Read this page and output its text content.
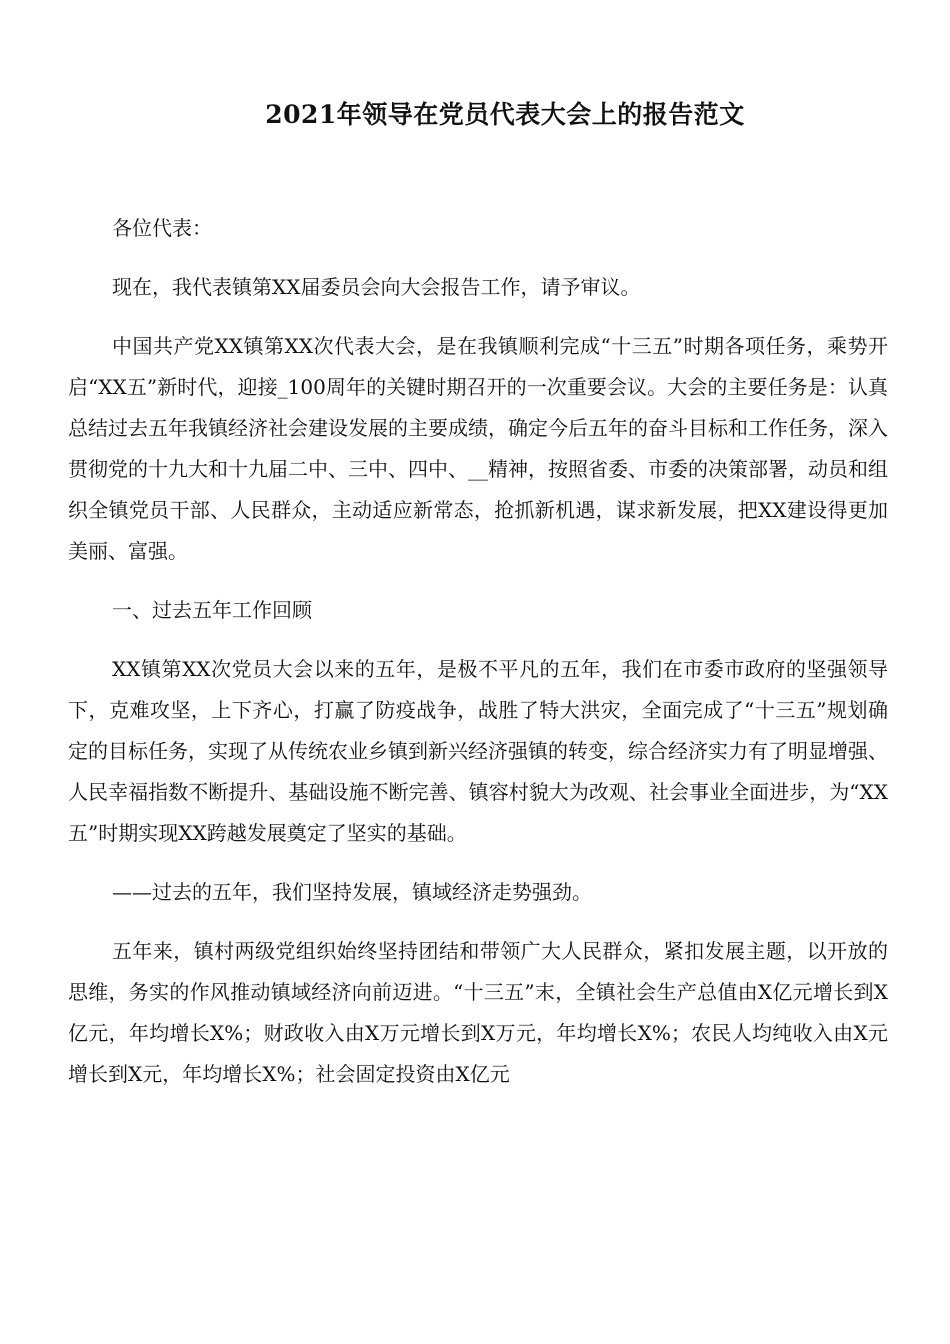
2021年领导在党员代表大会上的报告范文

各位代表：

现在，我代表镇第XX届委员会向大会报告工作，请予审议。

中国共产党XX镇第XX次代表大会，是在我镇顺利完成“十三五”时期各项任务，乘势开启“XX五”新时代，迎接_100周年的关键时期召开的一次重要会议。大会的主要任务是：认真总结过去五年我镇经济社会建设发展的主要成绩，确定今后五年的奋斗目标和工作任务，深入贯彻党的十九大和十九届二中、三中、四中、__精神，按照省委、市委的决策部署，动员和组织全镇党员干部、人民群众，主动适应新常态，抢抓新机遇，谋求新发展，把XX建设得更加美丽、富强。

一、过去五年工作回顾

XX镇第XX次党员大会以来的五年，是极不平凡的五年，我们在市委市政府的坚强领导下，克难攻坚，上下齐心，打赢了防疫战争，战胜了特大洪灾，全面完成了“十三五”规划确定的目标任务，实现了从传统农业乡镇到新兴经济强镇的转变，综合经济实力有了明显增强、人民幸福指数不断提升、基础设施不断完善、镇容村貌大为改观、社会事业全面进步，为“XX五”时期实现XX跨越发展奠定了坚实的基础。

——过去的五年，我们坚持发展，镇域经济走势强劲。

五年来，镇村两级党组织始终坚持团结和带领广大人民群众，紧扣发展主题，以开放的思维，务实的作风推动镇域经济向前迈进。“十三五”末，全镇社会生产总值由X亿元增长到X亿元，年均增长X%；财政收入由X万元增长到X万元，年均增长X%；农民人均纯收入由X元增长到X元，年均增长X%；社会固定投资由X亿元
